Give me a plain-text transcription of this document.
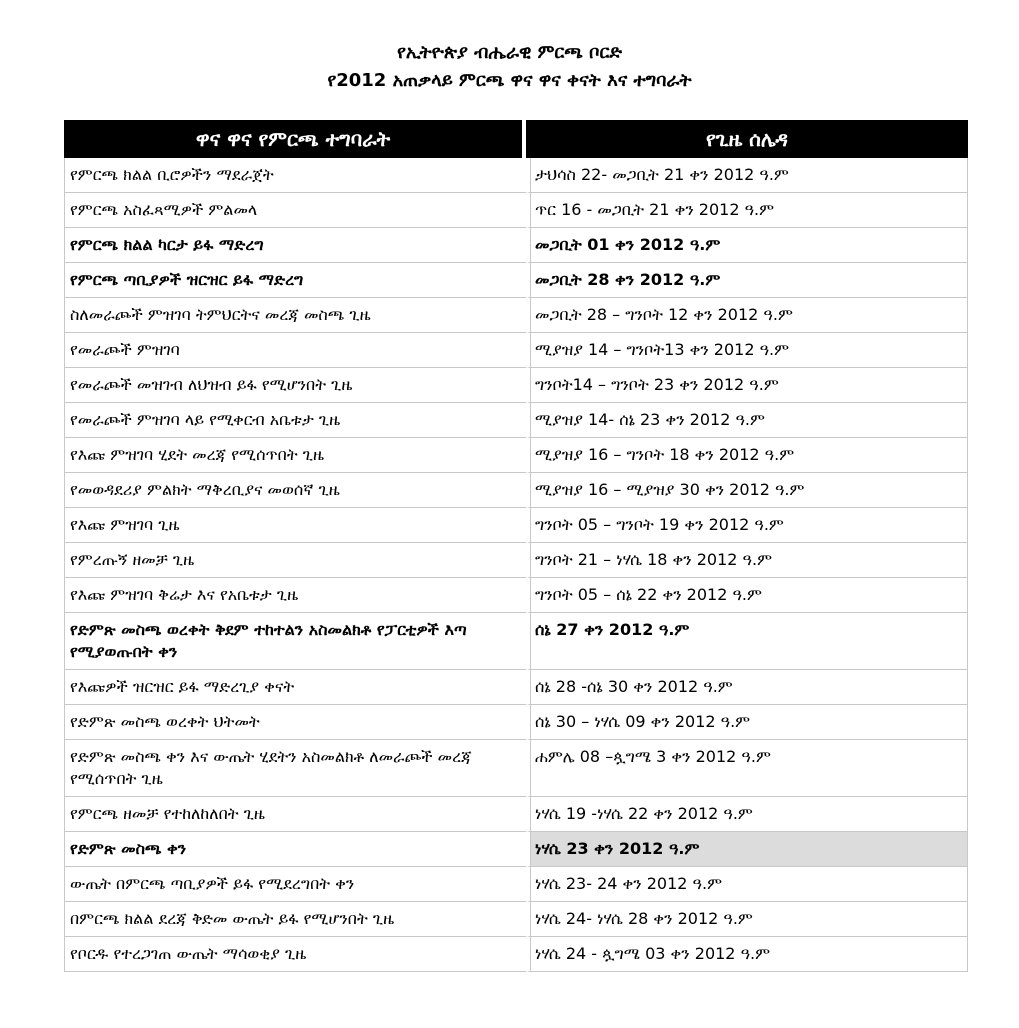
የኢትዮጵያ ብሔራዊ ምርጫ ቦርድ
የ2012 አጠቃላይ ምርጫ ዋና ዋና ቀናት እና ተግባራት
ዋና ዋና የምርጫ ተግባራት	የጊዜ ሰሌዳ
የምርጫ ክልል ቢሮዎችን ማደራጀት	ታህሳስ 22- መጋቢት 21 ቀን 2012 ዓ.ም
የምርጫ አስፈጻሚዎች ምልመላ	ጥር 16 - መጋቢት 21 ቀን 2012 ዓ.ም
የምርጫ ክልል ካርታ ይፋ ማድረግ	መጋቢት 01 ቀን 2012 ዓ.ም
የምርጫ ጣቢያዎች ዝርዝር ይፋ ማድረግ	መጋቢት 28 ቀን 2012 ዓ.ም
ስለመራጮች ምዝገባ ትምህርትና መረጃ መስጫ ጊዜ	መጋቢት 28 – ግንቦት 12 ቀን 2012 ዓ.ም
የመራጮች ምዝገባ	ሚያዝያ 14 – ግንቦት13 ቀን 2012 ዓ.ም
የመራጮች መዝገብ ለህዝብ ይፋ የሚሆንበት ጊዜ	ግንቦት14 – ግንቦት 23 ቀን 2012 ዓ.ም
የመራጮች ምዝገባ ላይ የሚቀርብ አቤቱታ ጊዜ	ሚያዝያ 14- ሰኔ 23 ቀን 2012 ዓ.ም
የእጩ ምዝገባ ሂደት መረጃ የሚሰጥበት ጊዜ	ሚያዝያ 16 – ግንቦት 18 ቀን 2012 ዓ.ም
የመወዳደሪያ ምልክት ማቅረቢያና መወሰኛ ጊዜ	ሚያዝያ 16 – ሚያዝያ 30 ቀን 2012 ዓ.ም
የእጩ ምዝገባ ጊዜ	ግንቦት 05 – ግንቦት 19 ቀን 2012 ዓ.ም
የምረጡኝ ዘመቻ ጊዜ	ግንቦት 21 – ነሃሴ 18 ቀን 2012 ዓ.ም
የእጩ ምዝገባ ቅሬታ እና የአቤቱታ ጊዜ	ግንቦት 05 – ሰኔ 22 ቀን 2012 ዓ.ም
የድምጽ መስጫ ወረቀት ቅደም ተከተልን አስመልክቶ የፓርቲዎች እጣ የሚያወጡበት ቀን	ሰኔ 27 ቀን 2012 ዓ.ም
የእጩዎች ዝርዝር ይፋ ማድረጊያ ቀናት	ሰኔ 28 -ሰኔ 30 ቀን 2012 ዓ.ም
የድምጽ መስጫ ወረቀት ህትመት	ሰኔ 30 – ነሃሴ 09 ቀን 2012 ዓ.ም
የድምጽ መስጫ ቀን እና ውጤት ሂደትን አስመልክቶ ለመራጮች መረጃ የሚሰጥበት ጊዜ	ሐምሌ 08 –ጷግሜ 3 ቀን 2012 ዓ.ም
የምርጫ ዘመቻ የተከለከለበት ጊዜ	ነሃሴ 19 -ነሃሴ 22 ቀን 2012 ዓ.ም
የድምጽ መስጫ ቀን	ነሃሴ 23 ቀን 2012 ዓ.ም
ውጤት በምርጫ ጣቢያዎች ይፋ የሚደረግበት ቀን	ነሃሴ 23- 24 ቀን 2012 ዓ.ም
በምርጫ ክልል ደረጃ ቅድመ ውጤት ይፋ የሚሆንበት ጊዜ	ነሃሴ 24- ነሃሴ 28 ቀን 2012 ዓ.ም
የቦርዱ የተረጋገጠ ውጤት ማሳወቂያ ጊዜ	ነሃሴ 24 - ጷግሜ 03 ቀን 2012 ዓ.ም
